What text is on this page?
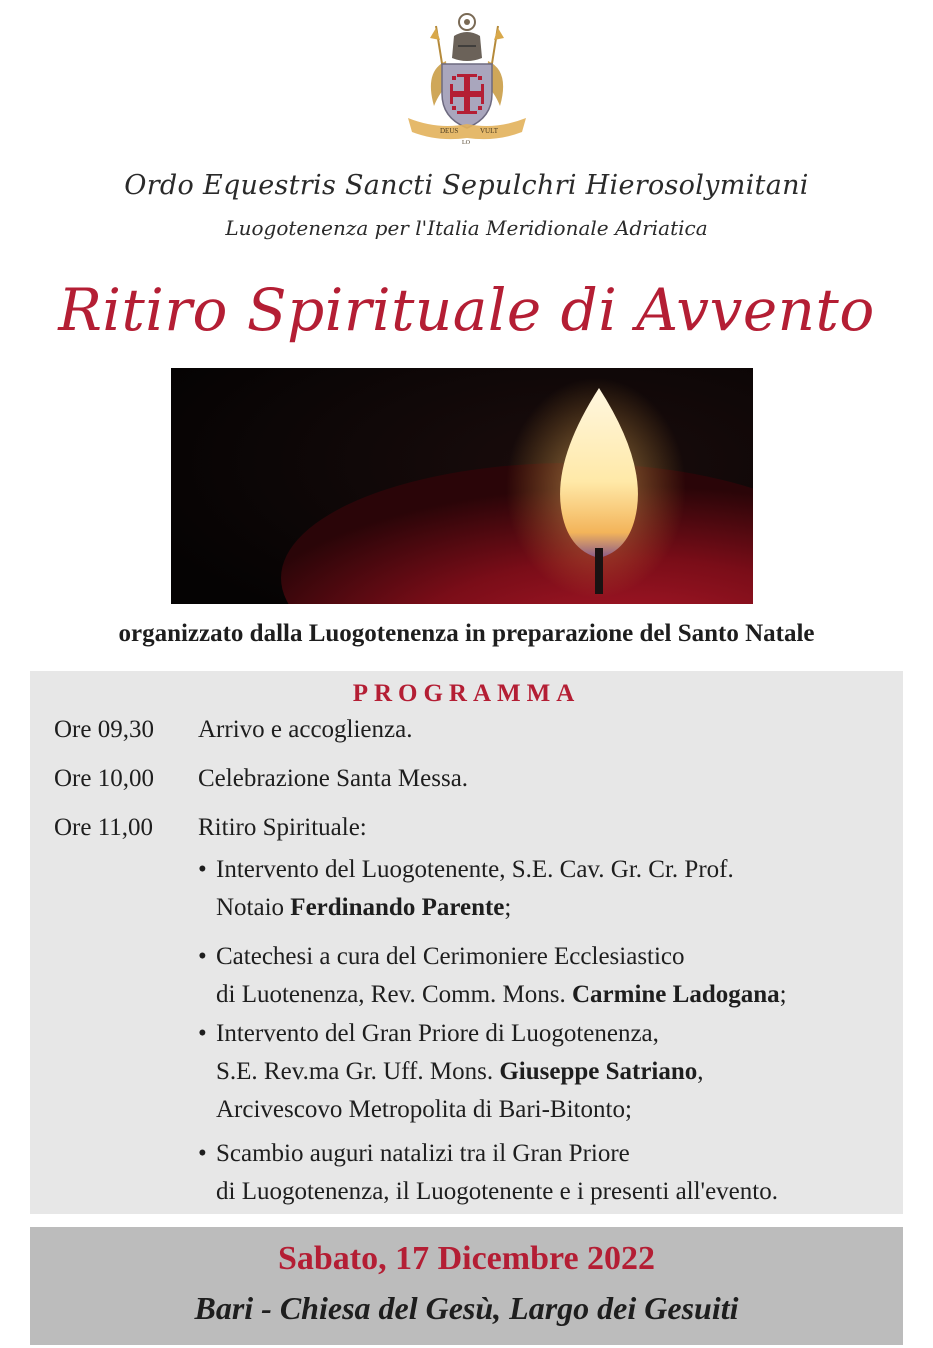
DEUS	VULT
LO
Ordo Equestris Sancti Sepulchri Hierosolymitani
Luogotenenza per l'Italia Meridionale Adriatica
Ritiro Spirituale di Avvento
organizzato dalla Luogotenenza in preparazione del Santo Natale
PROGRAMMA
Ore 09,30 Arrivo e accoglienza.
Ore 10,00 Celebrazione Santa Messa.
Ore 11,00 Ritiro Spirituale:
• Intervento del Luogotenente, S.E. Cav. Gr. Cr. Prof.
Notaio Ferdinando Parente;
• Catechesi a cura del Cerimoniere Ecclesiastico
di Luotenenza, Rev. Comm. Mons. Carmine Ladogana;
• Intervento del Gran Priore di Luogotenenza,
S.E. Rev.ma Gr. Uff. Mons. Giuseppe Satriano,
Arcivescovo Metropolita di Bari-Bitonto;
• Scambio auguri natalizi tra il Gran Priore
di Luogotenenza, il Luogotenente e i presenti all'evento.
Sabato, 17 Dicembre 2022
Bari - Chiesa del Gesù, Largo dei Gesuiti
